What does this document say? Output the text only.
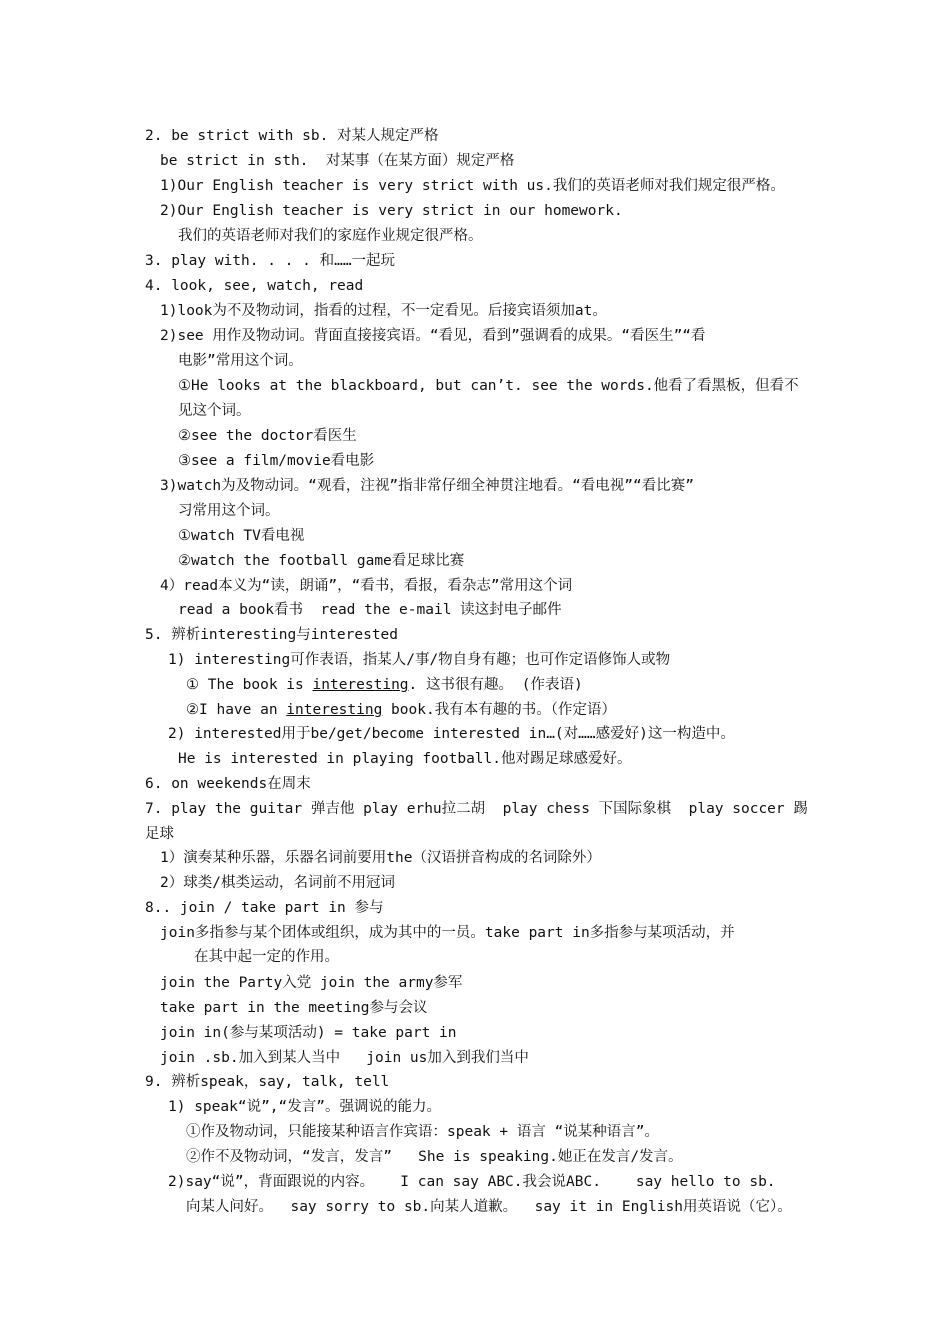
2. be strict with sb. 对某人规定严格
be strict in sth.  对某事（在某方面）规定严格
1)Our English teacher is very strict with us.我们的英语老师对我们规定很严格。
2)Our English teacher is very strict in our homework.
我们的英语老师对我们的家庭作业规定很严格。
3. play with. . . . 和……一起玩
4. look, see, watch, read
1)look为不及物动词，指看的过程，不一定看见。后接宾语须加at。
2)see 用作及物动词。背面直接接宾语。“看见，看到”强调看的成果。“看医生”“看
电影”常用这个词。
①He looks at the blackboard, but can’t. see the words.他看了看黑板，但看不
见这个词。
②see the doctor看医生
③see a film/movie看电影
3)watch为及物动词。“观看，注视”指非常仔细全神贯注地看。“看电视”“看比赛”
习常用这个词。
①watch TV看电视
②watch the football game看足球比赛
4）read本义为“读，朗诵”，“看书，看报，看杂志”常用这个词
read a book看书  read the e-mail 读这封电子邮件
5. 辨析interesting与interested
1) interesting可作表语，指某人/事/物自身有趣；也可作定语修饰人或物
① The book is interesting. 这书很有趣。 (作表语)
②I have an interesting book.我有本有趣的书。（作定语）
2) interested用于be/get/become interested in…(对……感爱好)这一构造中。
He is interested in playing football.他对踢足球感爱好。
6. on weekends在周末
7. play the guitar 弹吉他 play erhu拉二胡  play chess 下国际象棋  play soccer 踢
足球
1）演奏某种乐器，乐器名词前要用the（汉语拼音构成的名词除外）
2）球类/棋类运动，名词前不用冠词
8.. join / take part in 参与
join多指参与某个团体或组织，成为其中的一员。take part in多指参与某项活动，并
在其中起一定的作用。
join the Party入党 join the army参军
take part in the meeting参与会议
join in(参与某项活动) = take part in
join .sb.加入到某人当中   join us加入到我们当中
9. 辨析speak，say, talk, tell
1) speak“说”,“发言”。强调说的能力。
①作及物动词，只能接某种语言作宾语：speak + 语言 “说某种语言”。
②作不及物动词，“发言，发言”   She is speaking.她正在发言/发言。
2)say“说”，背面跟说的内容。   I can say ABC.我会说ABC.    say hello to sb.
向某人问好。  say sorry to sb.向某人道歉。  say it in English用英语说（它）。
